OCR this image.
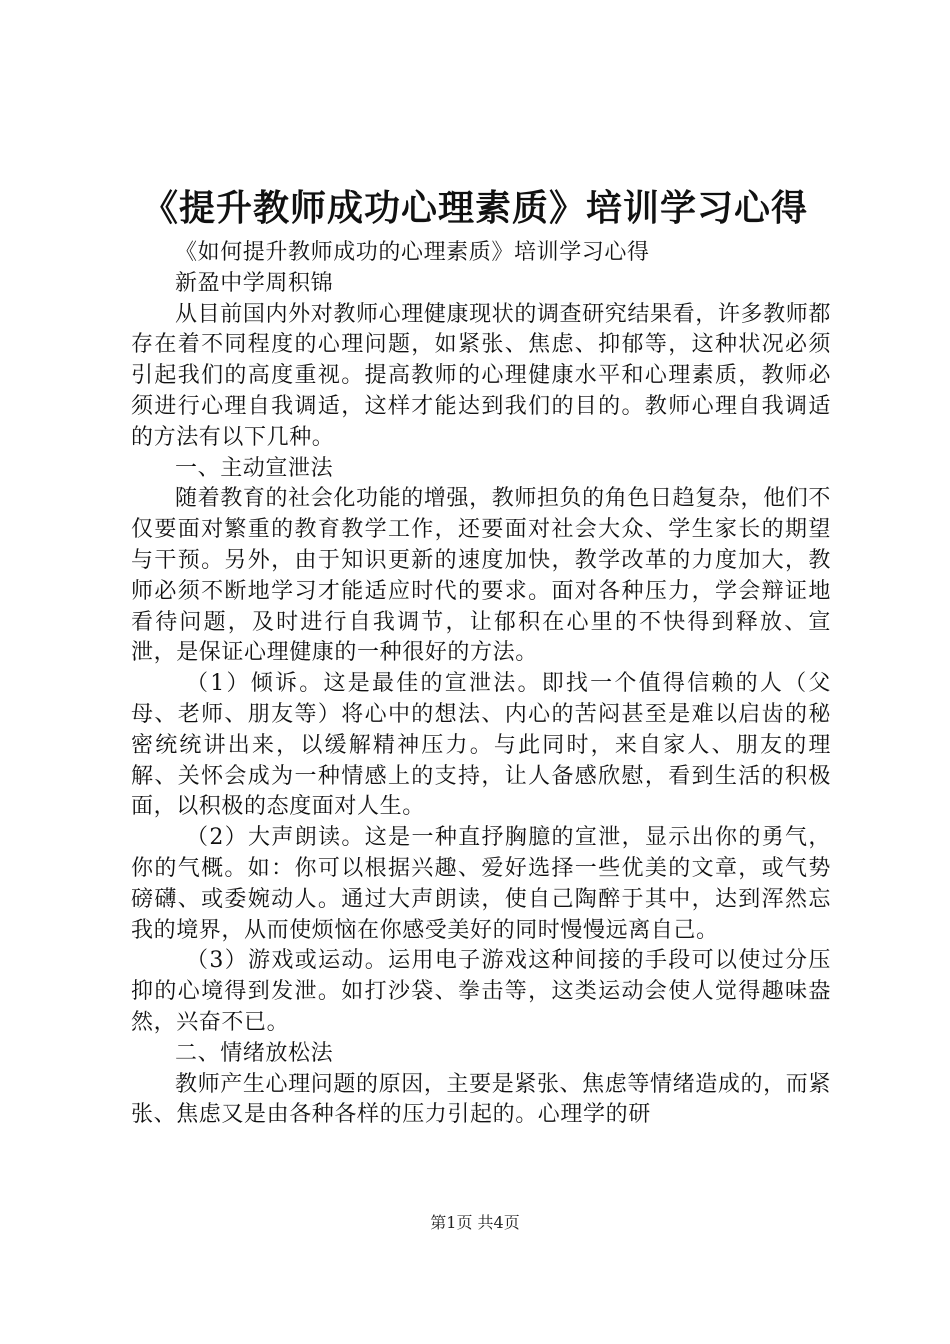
《提升教师成功心理素质》培训学习心得

《如何提升教师成功的心理素质》培训学习心得

新盈中学周积锦

从目前国内外对教师心理健康现状的调查研究结果看，许多教师都存在着不同程度的心理问题，如紧张、焦虑、抑郁等，这种状况必须引起我们的高度重视。提高教师的心理健康水平和心理素质，教师必须进行心理自我调适，这样才能达到我们的目的。教师心理自我调适的方法有以下几种。

一、主动宣泄法

随着教育的社会化功能的增强，教师担负的角色日趋复杂，他们不仅要面对繁重的教育教学工作，还要面对社会大众、学生家长的期望与干预。另外，由于知识更新的速度加快，教学改革的力度加大，教师必须不断地学习才能适应时代的要求。面对各种压力，学会辩证地看待问题，及时进行自我调节，让郁积在心里的不快得到释放、宣泄，是保证心理健康的一种很好的方法。

（1）倾诉。这是最佳的宣泄法。即找一个值得信赖的人（父母、老师、朋友等）将心中的想法、内心的苦闷甚至是难以启齿的秘密统统讲出来，以缓解精神压力。与此同时，来自家人、朋友的理解、关怀会成为一种情感上的支持，让人备感欣慰，看到生活的积极面，以积极的态度面对人生。

（2）大声朗读。这是一种直抒胸臆的宣泄，显示出你的勇气，你的气概。如：你可以根据兴趣、爱好选择一些优美的文章，或气势磅礴、或委婉动人。通过大声朗读，使自己陶醉于其中，达到浑然忘我的境界，从而使烦恼在你感受美好的同时慢慢远离自己。

（3）游戏或运动。运用电子游戏这种间接的手段可以使过分压抑的心境得到发泄。如打沙袋、拳击等，这类运动会使人觉得趣味盎然，兴奋不已。

二、情绪放松法

教师产生心理问题的原因，主要是紧张、焦虑等情绪造成的，而紧张、焦虑又是由各种各样的压力引起的。心理学的研

第1页 共4页
